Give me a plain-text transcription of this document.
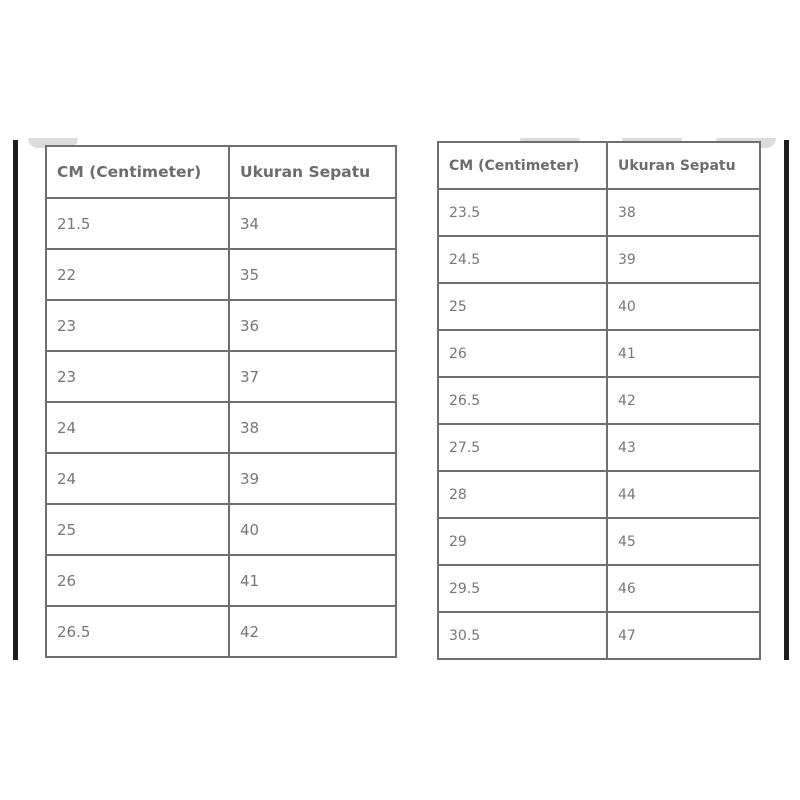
CM (Centimeter)	Ukuran Sepatu
21.5	34
22	35
23	36
23	37
24	38
24	39
25	40
26	41
26.5	42
CM (Centimeter)	Ukuran Sepatu
23.5	38
24.5	39
25	40
26	41
26.5	42
27.5	43
28	44
29	45
29.5	46
30.5	47
